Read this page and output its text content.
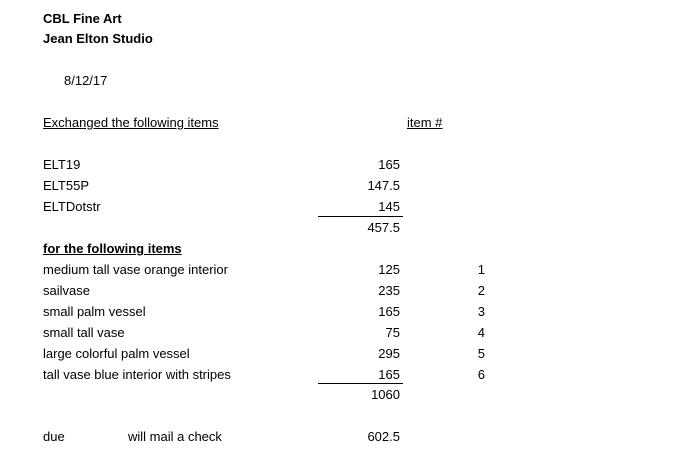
CBL Fine Art
Jean Elton Studio
8/12/17
Exchanged the following items	item #
ELT19	165
ELT55P	147.5
ELTDotstr	145
457.5
for the following items
medium tall vase orange interior	125	1
sailvase	235	2
small palm vessel	165	3
small tall vase	75	4
large colorful palm vessel	295	5
tall vase blue interior with stripes	165	6
1060
due	will mail a check	602.5
